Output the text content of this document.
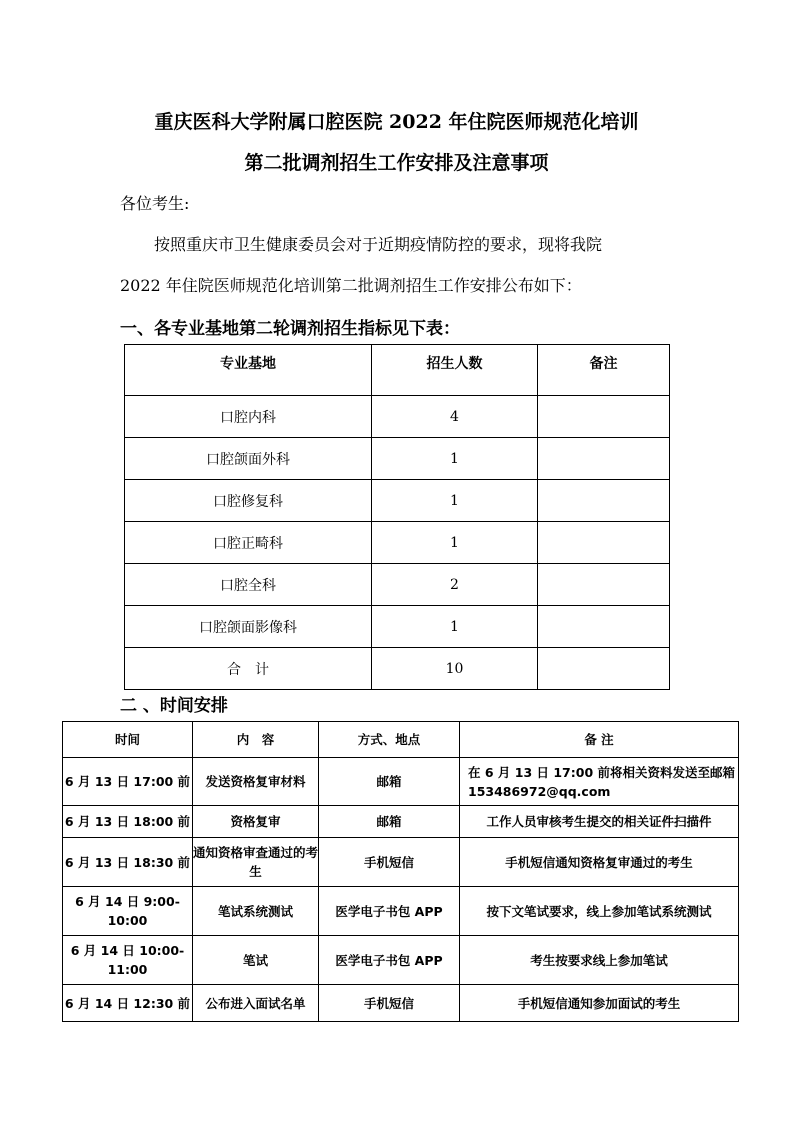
重庆医科大学附属口腔医院 2022 年住院医师规范化培训
第二批调剂招生工作安排及注意事项
各位考生:
按照重庆市卫生健康委员会对于近期疫情防控的要求，现将我院
2022 年住院医师规范化培训第二批调剂招生工作安排公布如下：
一、各专业基地第二轮调剂招生指标见下表：
专业基地	招生人数	备注
口腔内科	4	
口腔颌面外科	1	
口腔修复科	1	
口腔正畸科	1	
口腔全科	2	
口腔颌面影像科	1	
合　计	10	
二 、时间安排
时间	内　容	方式、地点	备 注
6 月 13 日 17:00 前	发送资格复审材料	邮箱	在 6 月 13 日 17:00 前将相关资料发送至邮箱 153486972@qq.com
6 月 13 日 18:00 前	资格复审	邮箱	工作人员审核考生提交的相关证件扫描件
6 月 13 日 18:30 前	通知资格审查通过的考生	手机短信	手机短信通知资格复审通过的考生
6 月 14 日 9:00-10:00	笔试系统测试	医学电子书包 APP	按下文笔试要求，线上参加笔试系统测试
6 月 14 日 10:00-11:00	笔试	医学电子书包 APP	考生按要求线上参加笔试
6 月 14 日 12:30 前	公布进入面试名单	手机短信	手机短信通知参加面试的考生
